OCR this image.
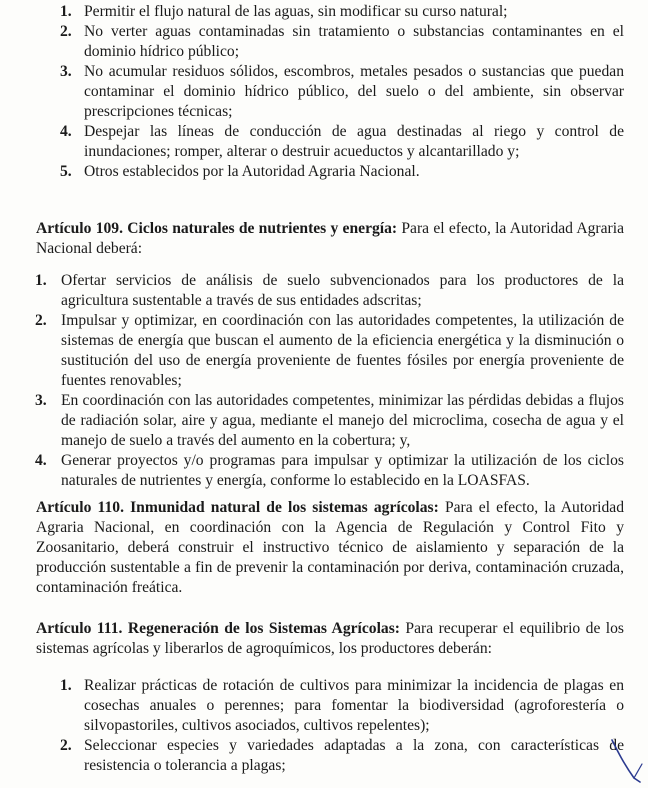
1. Permitir el flujo natural de las aguas, sin modificar su curso natural;
2. No verter aguas contaminadas sin tratamiento o substancias contaminantes en el dominio hídrico público;
3. No acumular residuos sólidos, escombros, metales pesados o sustancias que puedan contaminar el dominio hídrico público, del suelo o del ambiente, sin observar prescripciones técnicas;
4. Despejar las líneas de conducción de agua destinadas al riego y control de inundaciones; romper, alterar o destruir acueductos y alcantarillado y;
5. Otros establecidos por la Autoridad Agraria Nacional.

Artículo 109. Ciclos naturales de nutrientes y energía: Para el efecto, la Autoridad Agraria Nacional deberá:

1. Ofertar servicios de análisis de suelo subvencionados para los productores de la agricultura sustentable a través de sus entidades adscritas;
2. Impulsar y optimizar, en coordinación con las autoridades competentes, la utilización de sistemas de energía que buscan el aumento de la eficiencia energética y la disminución o sustitución del uso de energía proveniente de fuentes fósiles por energía proveniente de fuentes renovables;
3. En coordinación con las autoridades competentes, minimizar las pérdidas debidas a flujos de radiación solar, aire y agua, mediante el manejo del microclima, cosecha de agua y el manejo de suelo a través del aumento en la cobertura; y,
4. Generar proyectos y/o programas para impulsar y optimizar la utilización de los ciclos naturales de nutrientes y energía, conforme lo establecido en la LOASFAS.

Artículo 110. Inmunidad natural de los sistemas agrícolas: Para el efecto, la Autoridad Agraria Nacional, en coordinación con la Agencia de Regulación y Control Fito y Zoosanitario, deberá construir el instructivo técnico de aislamiento y separación de la producción sustentable a fin de prevenir la contaminación por deriva, contaminación cruzada, contaminación freática.

Artículo 111. Regeneración de los Sistemas Agrícolas: Para recuperar el equilibrio de los sistemas agrícolas y liberarlos de agroquímicos, los productores deberán:

1. Realizar prácticas de rotación de cultivos para minimizar la incidencia de plagas en cosechas anuales o perennes; para fomentar la biodiversidad (agroforestería o silvopastoriles, cultivos asociados, cultivos repelentes);
2. Seleccionar especies y variedades adaptadas a la zona, con características de resistencia o tolerancia a plagas;
